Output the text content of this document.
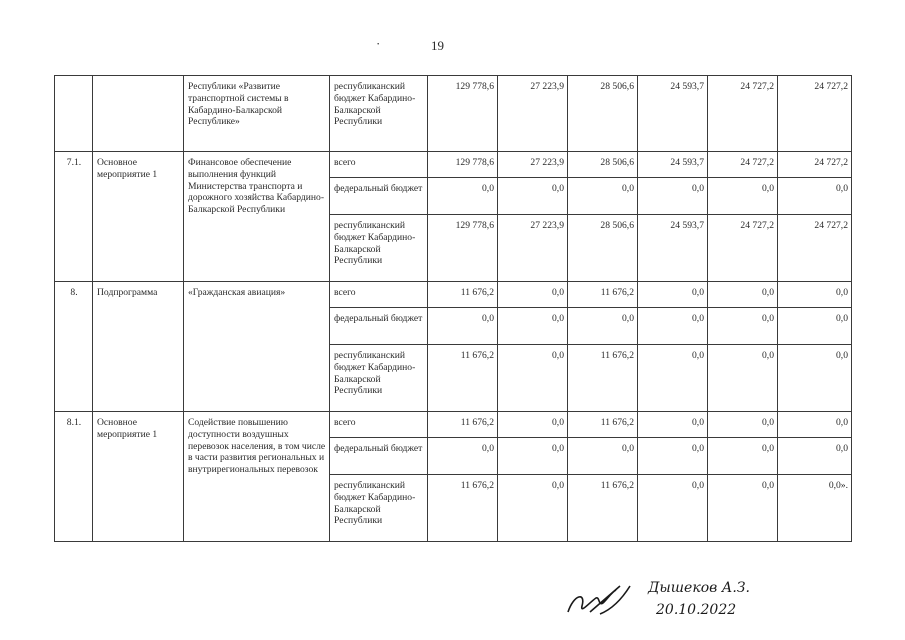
·	19
		Республики «Развитие транспортной системы в Кабардино-Балкарской Республике»	республиканский бюджет Кабардино-Балкарской Республики	129 778,6	27 223,9	28 506,6	24 593,7	24 727,2	24 727,2
7.1.	Основное мероприятие 1	Финансовое обеспечение выполнения функций Министерства транспорта и дорожного хозяйства Кабардино-Балкарской Республики	всего	129 778,6	27 223,9	28 506,6	24 593,7	24 727,2	24 727,2
			федеральный бюджет	0,0	0,0	0,0	0,0	0,0	0,0
			республиканский бюджет Кабардино-Балкарской Республики	129 778,6	27 223,9	28 506,6	24 593,7	24 727,2	24 727,2
8.	Подпрограмма	«Гражданская авиация»	всего	11 676,2	0,0	11 676,2	0,0	0,0	0,0
			федеральный бюджет	0,0	0,0	0,0	0,0	0,0	0,0
			республиканский бюджет Кабардино-Балкарской Республики	11 676,2	0,0	11 676,2	0,0	0,0	0,0
8.1.	Основное мероприятие 1	Содействие повышению доступности воздушных перевозок населения, в том числе в части развития региональных и внутрирегиональных перевозок	всего	11 676,2	0,0	11 676,2	0,0	0,0	0,0
			федеральный бюджет	0,0	0,0	0,0	0,0	0,0	0,0
			республиканский бюджет Кабардино-Балкарской Республики	11 676,2	0,0	11 676,2	0,0	0,0	0,0».
Дышеков А.З.
20.10.2022
